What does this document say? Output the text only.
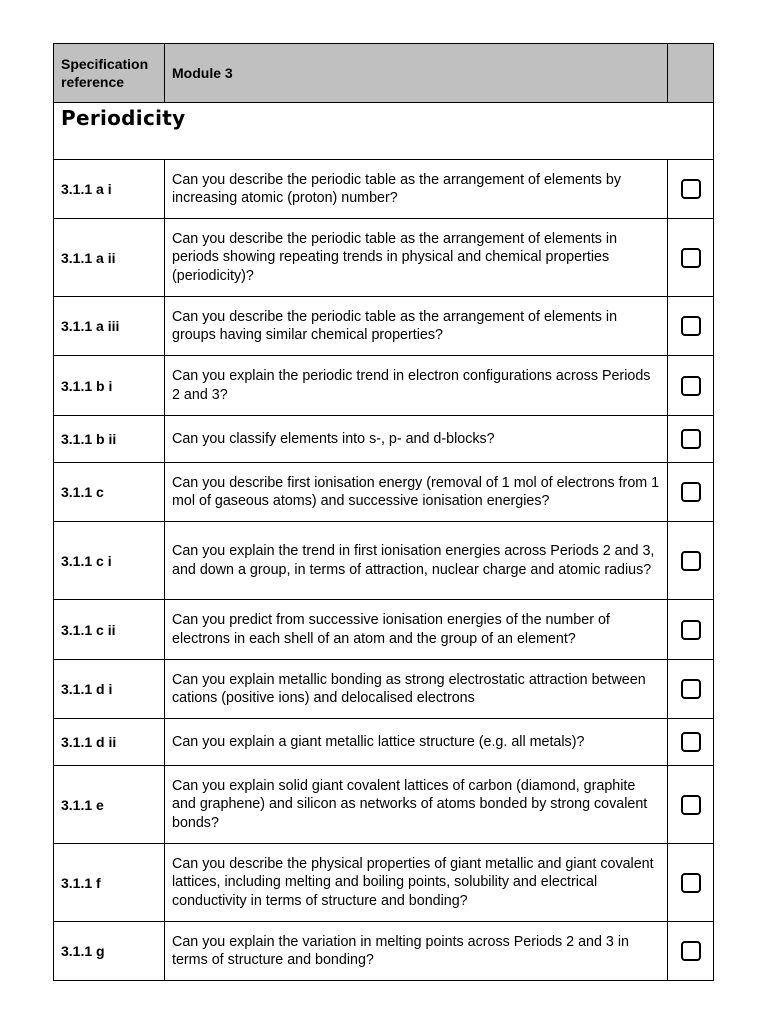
Specification reference	Module 3	
Periodicity		
3.1.1 a i	Can you describe the periodic table as the arrangement of elements by increasing atomic (proton) number?	
3.1.1 a ii	Can you describe the periodic table as the arrangement of elements in periods showing repeating trends in physical and chemical properties (periodicity)?	
3.1.1 a iii	Can you describe the periodic table as the arrangement of elements in groups having similar chemical properties?	
3.1.1 b i	Can you explain the periodic trend in electron configurations across Periods 2 and 3?	
3.1.1 b ii	Can you classify elements into s-, p- and d-blocks?	
3.1.1 c	Can you describe first ionisation energy (removal of 1 mol of electrons from 1 mol of gaseous atoms) and successive ionisation energies?	
3.1.1 c i	Can you explain the trend in first ionisation energies across Periods 2 and 3, and down a group, in terms of attraction, nuclear charge and atomic radius?	
3.1.1 c ii	Can you predict from successive ionisation energies of the number of electrons in each shell of an atom and the group of an element?	
3.1.1 d i	Can you explain metallic bonding as strong electrostatic attraction between cations (positive ions) and delocalised electrons	
3.1.1 d ii	Can you explain a giant metallic lattice structure (e.g. all metals)?	
3.1.1 e	Can you explain solid giant covalent lattices of carbon (diamond, graphite and graphene) and silicon as networks of atoms bonded by strong covalent bonds?	
3.1.1 f	Can you describe the physical properties of giant metallic and giant covalent lattices, including melting and boiling points, solubility and electrical conductivity in terms of structure and bonding?	
3.1.1 g	Can you explain the variation in melting points across Periods 2 and 3 in terms of structure and bonding?	
